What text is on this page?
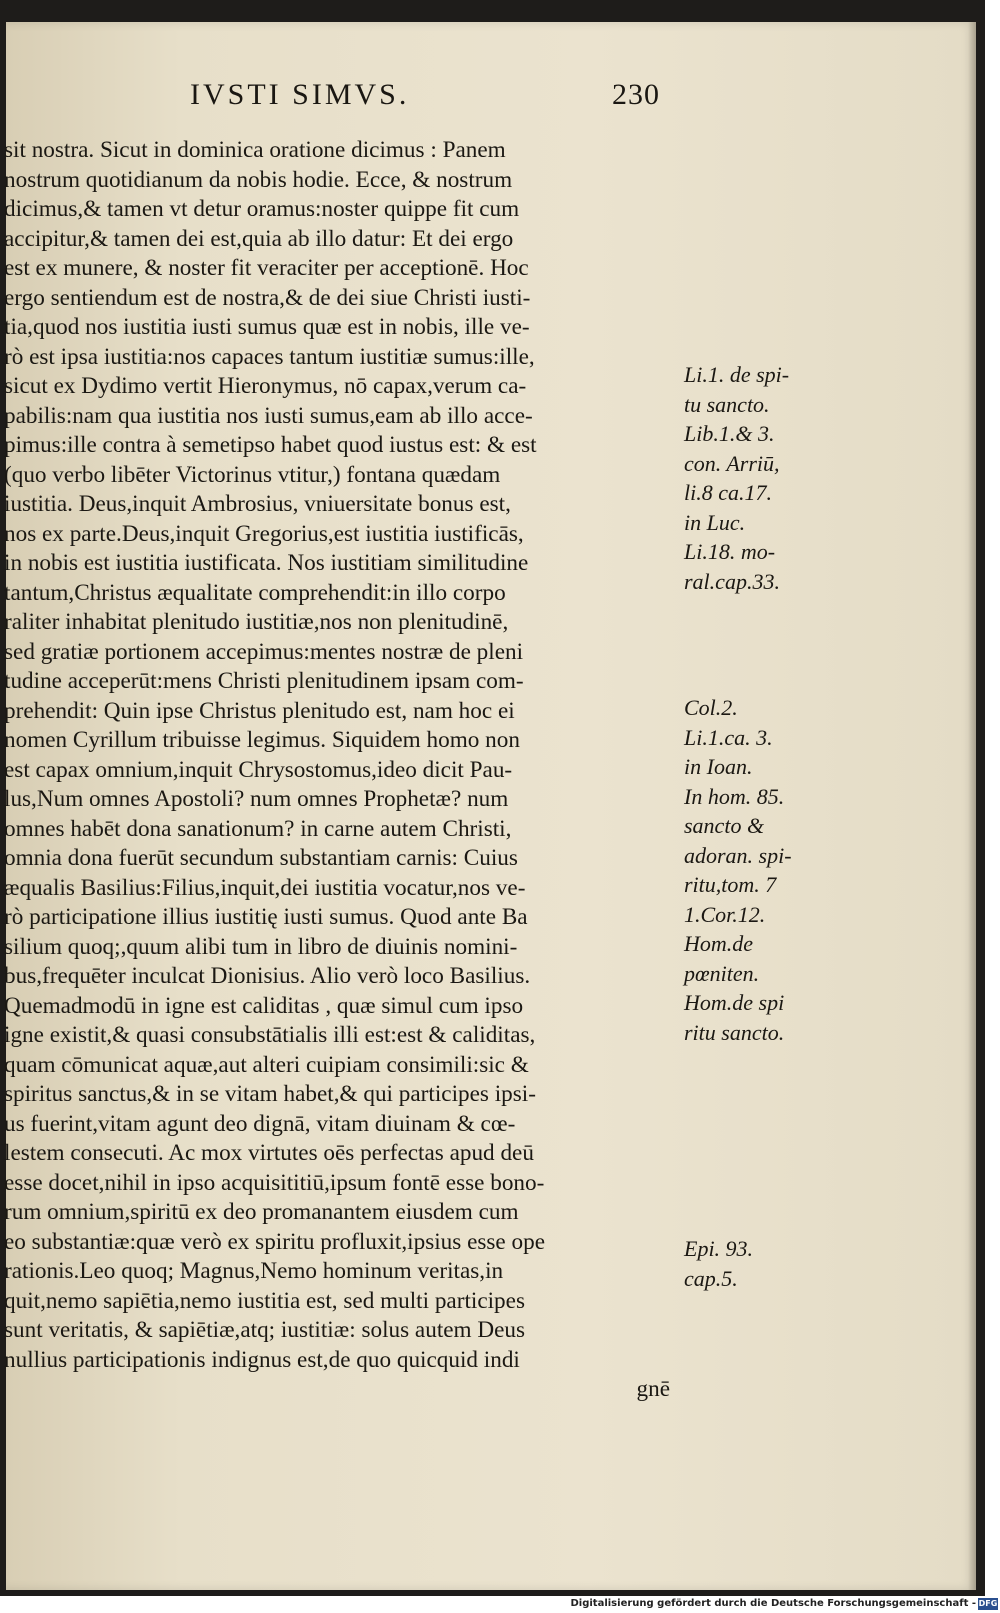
IVSTI SIMVS.	230
sit nostra. Sicut in dominica oratione dicimus : Panem
nostrum quotidianum da nobis hodie. Ecce, & nostrum
dicimus,& tamen vt detur oramus:noster quippe fit cum
accipitur,& tamen dei est,quia ab illo datur: Et dei ergo
est ex munere, & noster fit veraciter per acceptionē. Hoc
ergo sentiendum est de nostra,& de dei siue Christi iusti-
tia,quod nos iustitia iusti sumus quæ est in nobis, ille ve-
rò est ipsa iustitia:nos capaces tantum iustitiæ sumus:ille,
sicut ex Dydimo vertit Hieronymus, nō capax,verum ca-
pabilis:nam qua iustitia nos iusti sumus,eam ab illo acce-
pimus:ille contra à semetipso habet quod iustus est: & est
(quo verbo libēter Victorinus vtitur,) fontana quædam
iustitia. Deus,inquit Ambrosius, vniuersitate bonus est,
nos ex parte.Deus,inquit Gregorius,est iustitia iustificās,
in nobis est iustitia iustificata. Nos iustitiam similitudine
tantum,Christus æqualitate comprehendit:in illo corpo
raliter inhabitat plenitudo iustitiæ,nos non plenitudinē,
sed gratiæ portionem accepimus:mentes nostræ de pleni
tudine acceperūt:mens Christi plenitudinem ipsam com-
prehendit: Quin ipse Christus plenitudo est, nam hoc ei
nomen Cyrillum tribuisse legimus. Siquidem homo non
est capax omnium,inquit Chrysostomus,ideo dicit Pau-
lus,Num omnes Apostoli? num omnes Prophetæ? num
omnes habēt dona sanationum? in carne autem Christi,
omnia dona fuerūt secundum substantiam carnis: Cuius
æqualis Basilius:Filius,inquit,dei iustitia vocatur,nos ve-
rò participatione illius iustitię iusti sumus. Quod ante Ba
silium quoq;,quum alibi tum in libro de diuinis nomini-
bus,frequēter inculcat Dionisius. Alio verò loco Basilius.
Quemadmodū in igne est caliditas , quæ simul cum ipso
igne existit,& quasi consubstātialis illi est:est & caliditas,
quam cōmunicat aquæ,aut alteri cuipiam consimili:sic &
spiritus sanctus,& in se vitam habet,& qui participes ipsi-
us fuerint,vitam agunt deo dignā, vitam diuinam & cœ-
lestem consecuti. Ac mox virtutes oēs perfectas apud deū
esse docet,nihil in ipso acquisititiū,ipsum fontē esse bono-
rum omnium,spiritū ex deo promanantem eiusdem cum
eo substantiæ:quæ verò ex spiritu profluxit,ipsius esse ope
rationis.Leo quoq; Magnus,Nemo hominum veritas,in
quit,nemo sapiētia,nemo iustitia est, sed multi participes
sunt veritatis, & sapiētiæ,atq; iustitiæ: solus autem Deus
nullius participationis indignus est,de quo quicquid indi
gnē
Li.1. de spi-
tu sancto.
Lib.1.& 3.
con. Arriū,
li.8 ca.17.
in Luc.
Li.18. mo-
ral.cap.33.
Col.2.
Li.1.ca. 3.
in Ioan.
In hom. 85.
sancto &
adoran. spi-
ritu,tom. 7
1.Cor.12.
Hom.de
pœniten.
Hom.de spi
ritu sancto.
Epi. 93.
cap.5.
Digitalisierung gefördert durch die Deutsche Forschungsgemeinschaft - DFG
